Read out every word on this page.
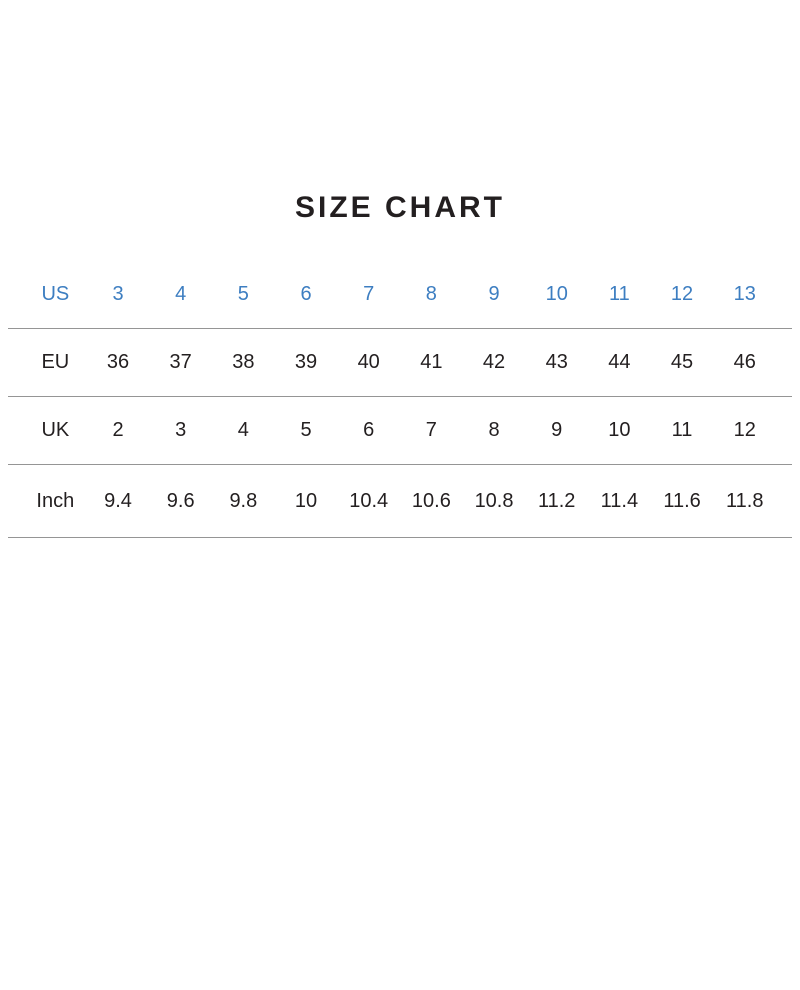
SIZE CHART
US	3	4	5	6	7	8	9	10	11	12	13
EU	36	37	38	39	40	41	42	43	44	45	46
UK	2	3	4	5	6	7	8	9	10	11	12
Inch	9.4	9.6	9.8	10	10.4	10.6	10.8	11.2	11.4	11.6	11.8
